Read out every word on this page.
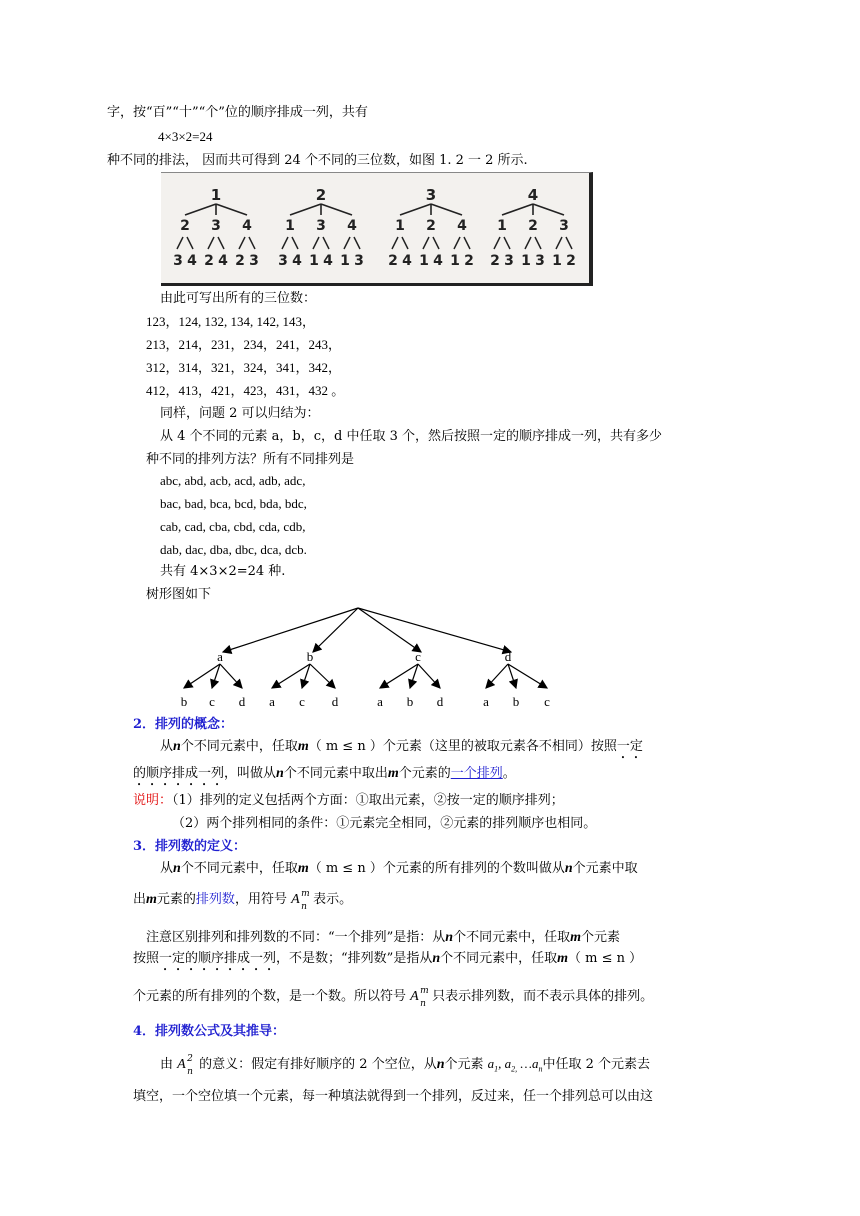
字，按“百”“十”“个”位的顺序排成一列，共有
4×3×2=24
种不同的排法， 因而共可得到 24 个不同的三位数，如图 1. 2 一 2 所示.
1
2
3 4
3
2 4
4
2 3
2
1
3 4
3
1 4
4
1 3
3
1
2 4
2
1 4
4
1 2
4
1
2 3
2
1 3
3
1 2
由此可写出所有的三位数：
123，124, 132, 134, 142, 143，
213，214，231，234，241，243，
312，314，321，324，341，342，
412，413，421，423，431，432 。
同样，问题 2 可以归结为：
从 4 个不同的元素 a，b，c，d 中任取 3 个，然后按照一定的顺序排成一列，共有多少
种不同的排列方法？所有不同排列是
abc, abd, acb, acd, adb, adc,
bac, bad, bca, bcd, bda, bdc,
cab, cad, cba, cbd, cda, cdb,
dab, dac, dba, dbc, dca, dcb.
共有 4×3×2=24 种.
树形图如下
a
b c d
b
a c d
c
a b d
d
a b c
2．排列的概念：
从n个不同元素中，任取m（ m ≤ n ）个元素（这里的被取元素各不相同）按照一定
的顺序排成一列，叫做从n个不同元素中取出m个元素的一个排列。
说明：（1）排列的定义包括两个方面：①取出元素，②按一定的顺序排列；
（2）两个排列相同的条件：①元素完全相同，②元素的排列顺序也相同。
3．排列数的定义：
从n个不同元素中，任取m（ m ≤ n ）个元素的所有排列的个数叫做从n个元素中取
出m元素的排列数，用符号 A m
n 表示。
注意区别排列和排列数的不同：“一个排列”是指：从n个不同元素中，任取m个元素
按照一定的顺序排成一列，不是数；“排列数”是指从n个不同元素中，任取m（ m ≤ n ）
个元素的所有排列的个数，是一个数。所以符号 A m
n 只表示排列数，而不表示具体的排列。
4．排列数公式及其推导：
由 A 2
n 的意义：假定有排好顺序的 2 个空位，从n个元素 $a_1$, $a_{2,}$ $\dots a_n$中任取 2 个元素去
填空，一个空位填一个元素，每一种填法就得到一个排列，反过来，任一个排列总可以由这
